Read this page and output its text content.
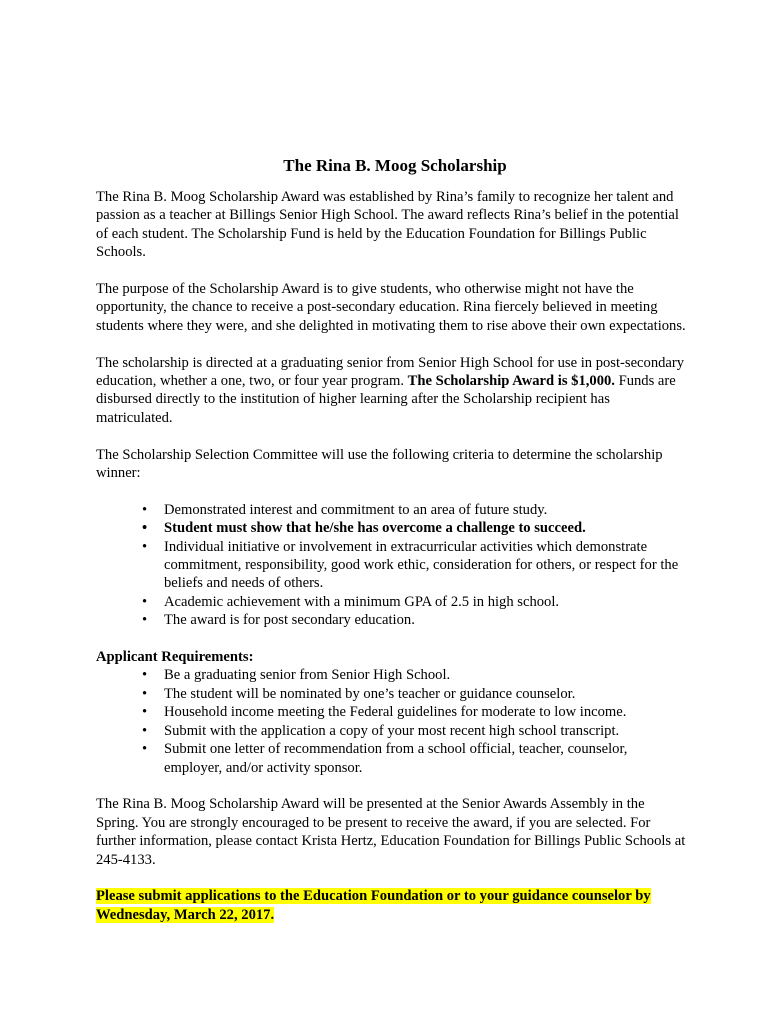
The Rina B. Moog Scholarship

The Rina B. Moog Scholarship Award was established by Rina’s family to recognize her talent and passion as a teacher at Billings Senior High School. The award reflects Rina’s belief in the potential of each student. The Scholarship Fund is held by the Education Foundation for Billings Public Schools.

The purpose of the Scholarship Award is to give students, who otherwise might not have the opportunity, the chance to receive a post-secondary education. Rina fiercely believed in meeting students where they were, and she delighted in motivating them to rise above their own expectations.

The scholarship is directed at a graduating senior from Senior High School for use in post-secondary education, whether a one, two, or four year program. The Scholarship Award is $1,000. Funds are disbursed directly to the institution of higher learning after the Scholarship recipient has matriculated.

The Scholarship Selection Committee will use the following criteria to determine the scholarship winner:

• Demonstrated interest and commitment to an area of future study.
• Student must show that he/she has overcome a challenge to succeed.
• Individual initiative or involvement in extracurricular activities which demonstrate commitment, responsibility, good work ethic, consideration for others, or respect for the beliefs and needs of others.
• Academic achievement with a minimum GPA of 2.5 in high school.
• The award is for post secondary education.
Applicant Requirements:
• Be a graduating senior from Senior High School.
• The student will be nominated by one’s teacher or guidance counselor.
• Household income meeting the Federal guidelines for moderate to low income.
• Submit with the application a copy of your most recent high school transcript.
• Submit one letter of recommendation from a school official, teacher, counselor, employer, and/or activity sponsor.

The Rina B. Moog Scholarship Award will be presented at the Senior Awards Assembly in the Spring. You are strongly encouraged to be present to receive the award, if you are selected. For further information, please contact Krista Hertz, Education Foundation for Billings Public Schools at 245-4133.

Please submit applications to the Education Foundation or to your guidance counselor by Wednesday, March 22, 2017.
